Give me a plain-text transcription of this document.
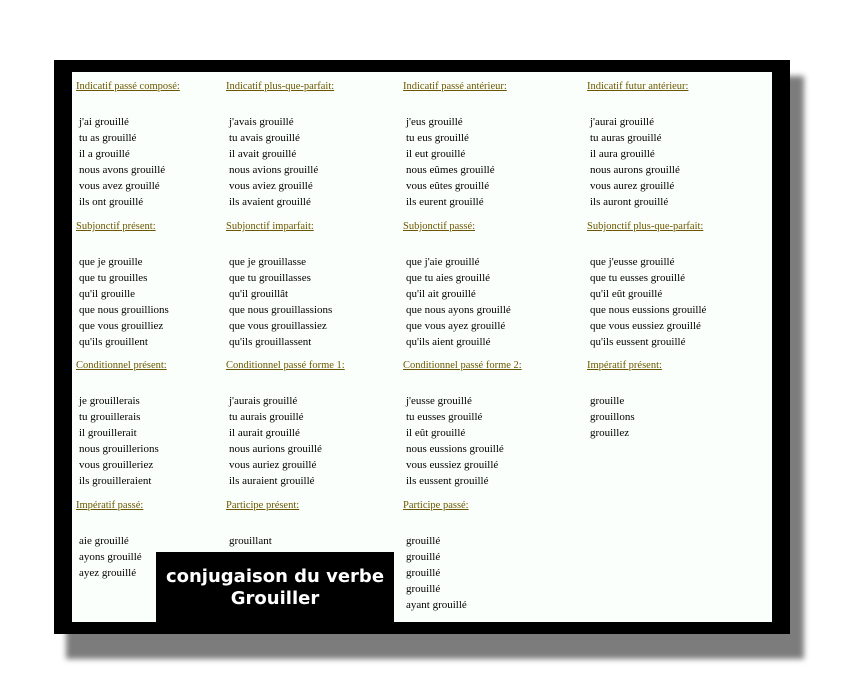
Indicatif passé composé:
j'ai grouillé
tu as grouillé
il a grouillé
nous avons grouillé
vous avez grouillé
ils ont grouillé
Indicatif plus-que-parfait:
j'avais grouillé
tu avais grouillé
il avait grouillé
nous avions grouillé
vous aviez grouillé
ils avaient grouillé
Indicatif passé antérieur:
j'eus grouillé
tu eus grouillé
il eut grouillé
nous eûmes grouillé
vous eûtes grouillé
ils eurent grouillé
Indicatif futur antérieur:
j'aurai grouillé
tu auras grouillé
il aura grouillé
nous aurons grouillé
vous aurez grouillé
ils auront grouillé
Subjonctif présent:
que je grouille
que tu grouilles
qu'il grouille
que nous grouillions
que vous grouilliez
qu'ils grouillent
Subjonctif imparfait:
que je grouillasse
que tu grouillasses
qu'il grouillât
que nous grouillassions
que vous grouillassiez
qu'ils grouillassent
Subjonctif passé:
que j'aie grouillé
que tu aies grouillé
qu'il ait grouillé
que nous ayons grouillé
que vous ayez grouillé
qu'ils aient grouillé
Subjonctif plus-que-parfait:
que j'eusse grouillé
que tu eusses grouillé
qu'il eût grouillé
que nous eussions grouillé
que vous eussiez grouillé
qu'ils eussent grouillé
Conditionnel présent:
je grouillerais
tu grouillerais
il grouillerait
nous grouillerions
vous grouilleriez
ils grouilleraient
Conditionnel passé forme 1:
j'aurais grouillé
tu aurais grouillé
il aurait grouillé
nous aurions grouillé
vous auriez grouillé
ils auraient grouillé
Conditionnel passé forme 2:
j'eusse grouillé
tu eusses grouillé
il eût grouillé
nous eussions grouillé
vous eussiez grouillé
ils eussent grouillé
Impératif présent:
grouille
grouillons
grouillez
Impératif passé:
aie grouillé
ayons grouillé
ayez grouillé
Participe présent:
grouillant
Participe passé:
grouillé
grouillé
grouillé
grouillé
ayant grouillé
conjugaison du verbe
Grouiller
